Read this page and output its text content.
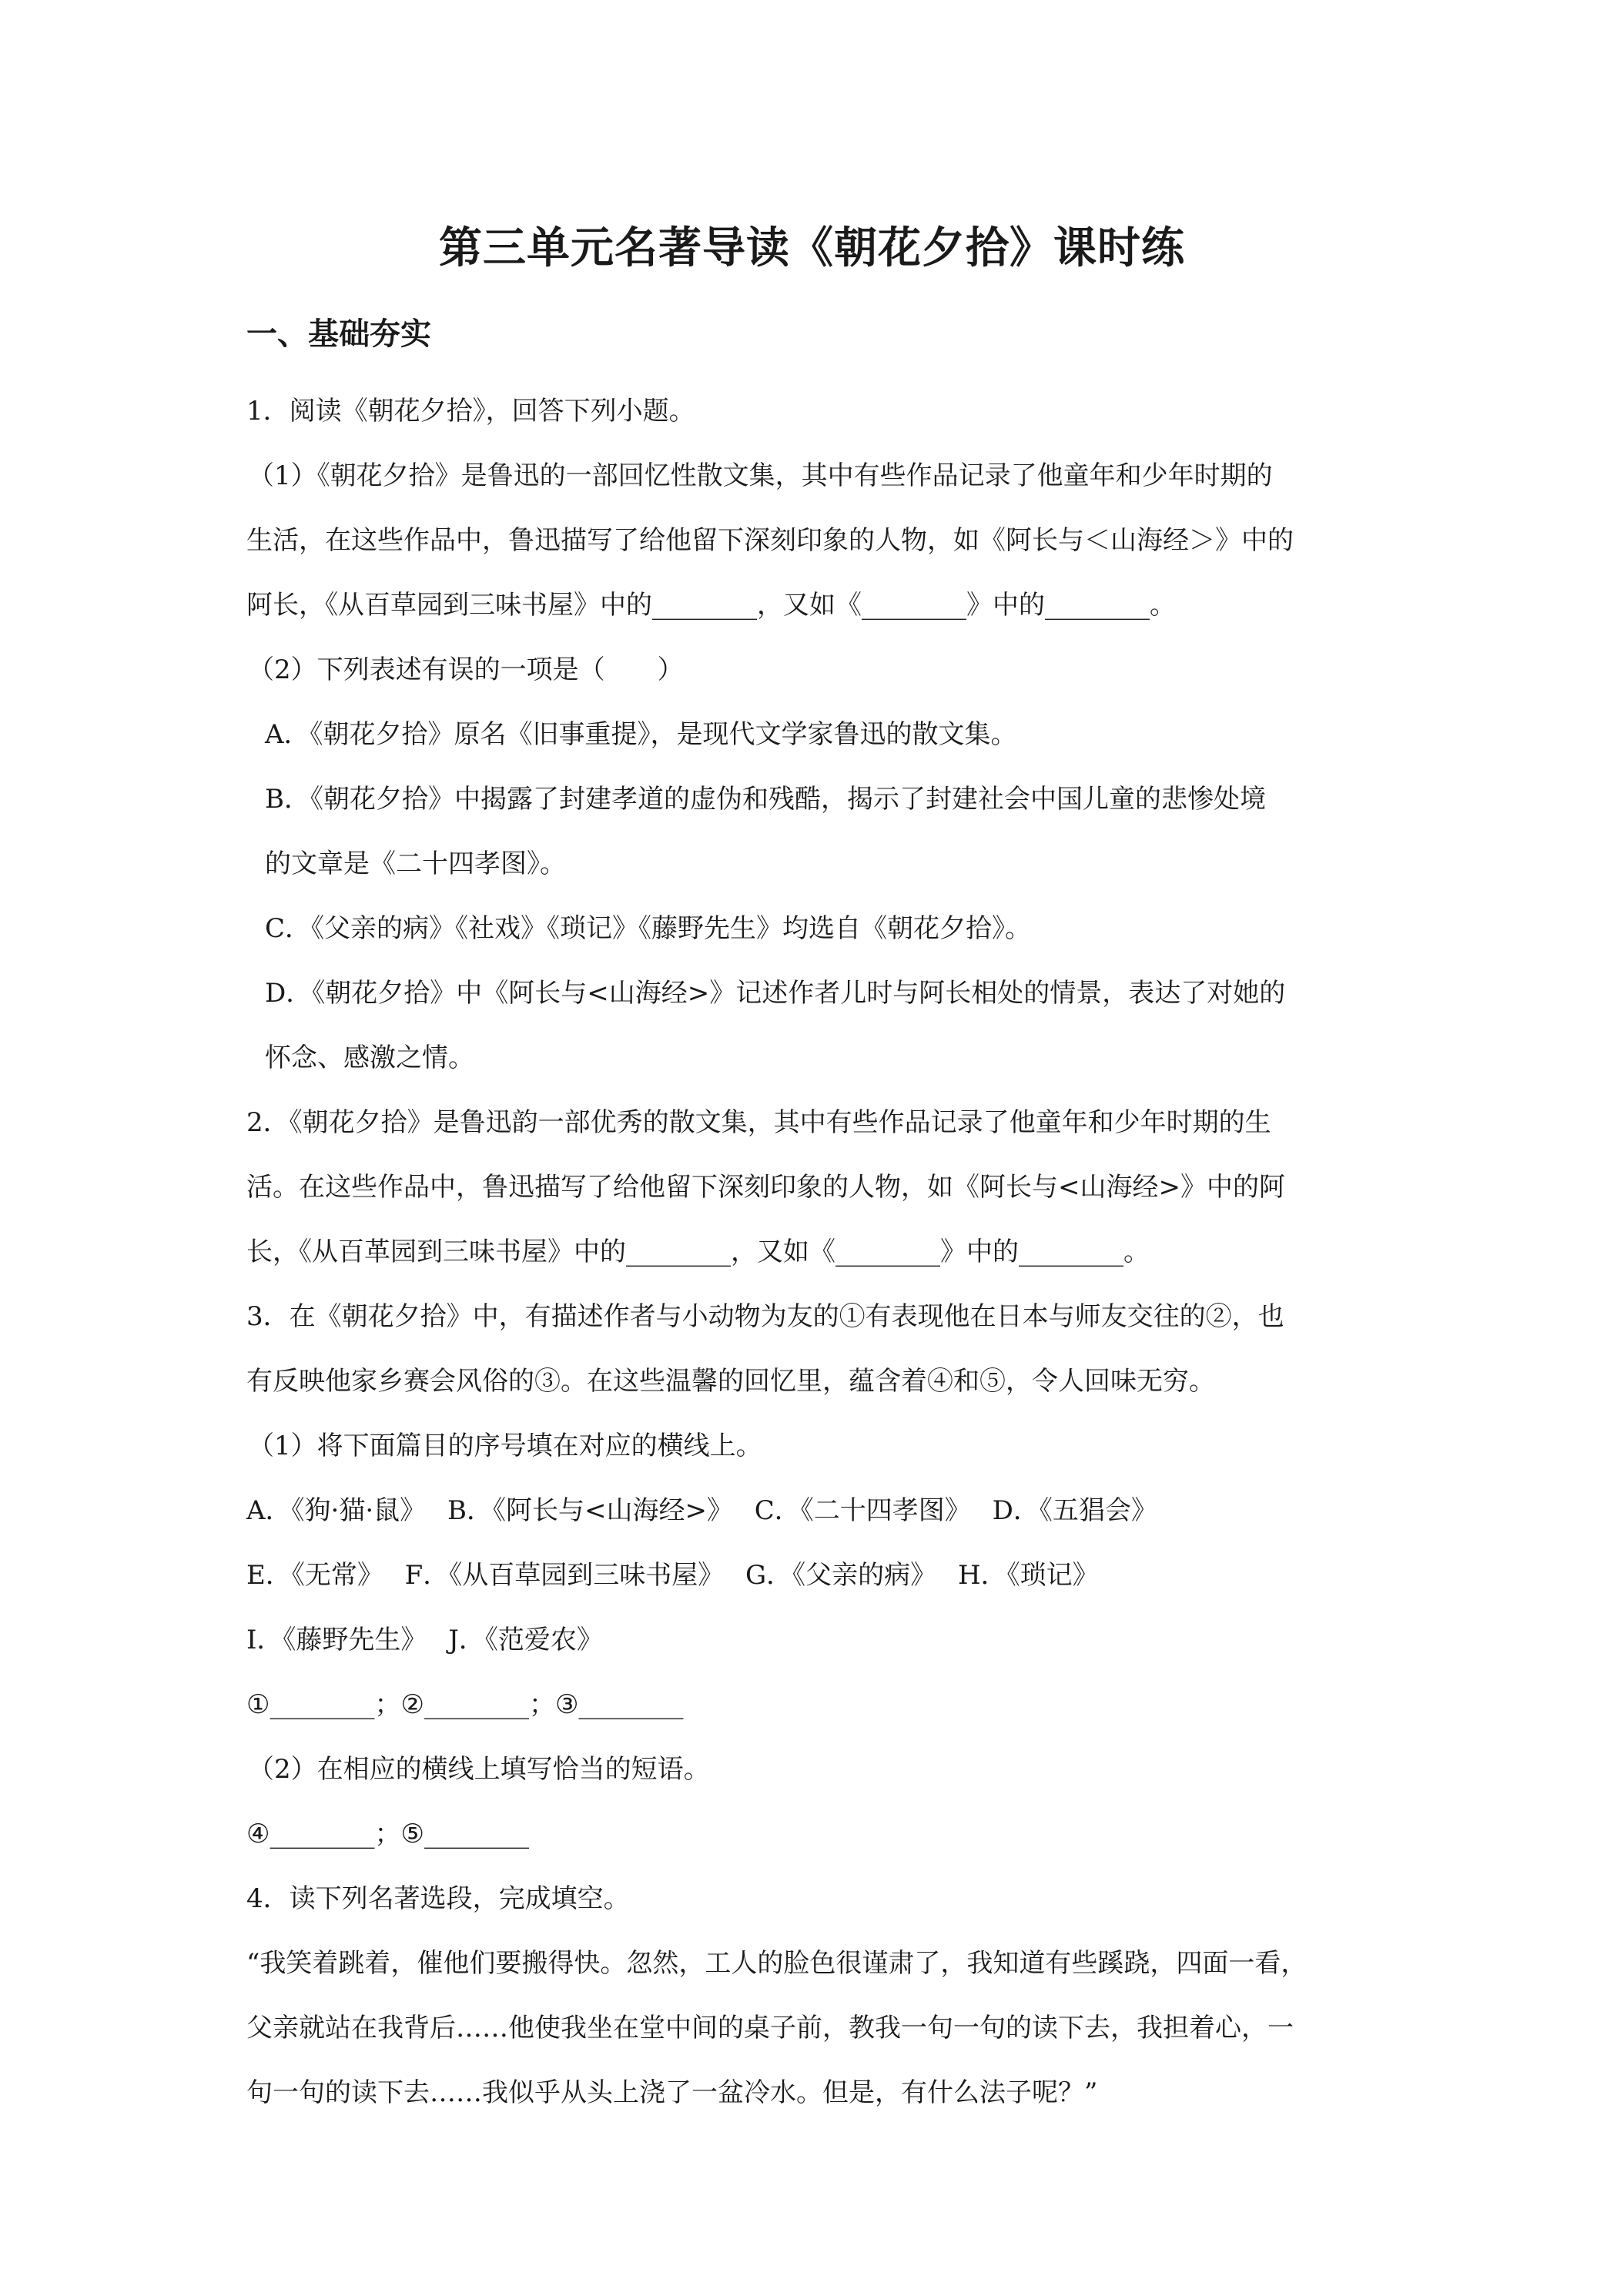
第三单元名著导读《朝花夕拾》课时练
一、基础夯实
1．阅读《朝花夕拾》，回答下列小题。
（1）《朝花夕拾》是鲁迅的一部回忆性散文集，其中有些作品记录了他童年和少年时期的
生活，在这些作品中，鲁迅描写了给他留下深刻印象的人物，如《阿长与＜山海经＞》中的
阿长，《从百草园到三味书屋》中的________，又如《________》中的________。
（2）下列表述有误的一项是（　　）
A．《朝花夕拾》原名《旧事重提》，是现代文学家鲁迅的散文集。
B．《朝花夕拾》中揭露了封建孝道的虚伪和残酷，揭示了封建社会中国儿童的悲惨处境
的文章是《二十四孝图》。
C．《父亲的病》《社戏》《琐记》《藤野先生》均选自《朝花夕拾》。
D．《朝花夕拾》中《阿长与<山海经>》记述作者儿时与阿长相处的情景，表达了对她的
怀念、感激之情。
2．《朝花夕拾》是鲁迅韵一部优秀的散文集，其中有些作品记录了他童年和少年时期的生
活。在这些作品中，鲁迅描写了给他留下深刻印象的人物，如《阿长与<山海经>》中的阿
长，《从百革园到三味书屋》中的________，又如《________》中的________。
3．在《朝花夕拾》中，有描述作者与小动物为友的①有表现他在日本与师友交往的②，也
有反映他家乡赛会风俗的③。在这些温馨的回忆里，蕴含着④和⑤，令人回味无穷。
（1）将下面篇目的序号填在对应的横线上。
A．《狗·猫·鼠》　 B．《阿长与<山海经>》　 C．《二十四孝图》　 D．《五猖会》
E．《无常》　 F．《从百草园到三味书屋》　 G．《父亲的病》　 H．《琐记》
I．《藤野先生》　 J．《范爱农》
①________；②________；③________
（2）在相应的横线上填写恰当的短语。
④________；⑤________
4．读下列名著选段，完成填空。
“我笑着跳着，催他们要搬得快。忽然，工人的脸色很谨肃了，我知道有些蹊跷，四面一看，
父亲就站在我背后……他使我坐在堂中间的桌子前，教我一句一句的读下去，我担着心，一
句一句的读下去……我似乎从头上浇了一盆冷水。但是，有什么法子呢？”
